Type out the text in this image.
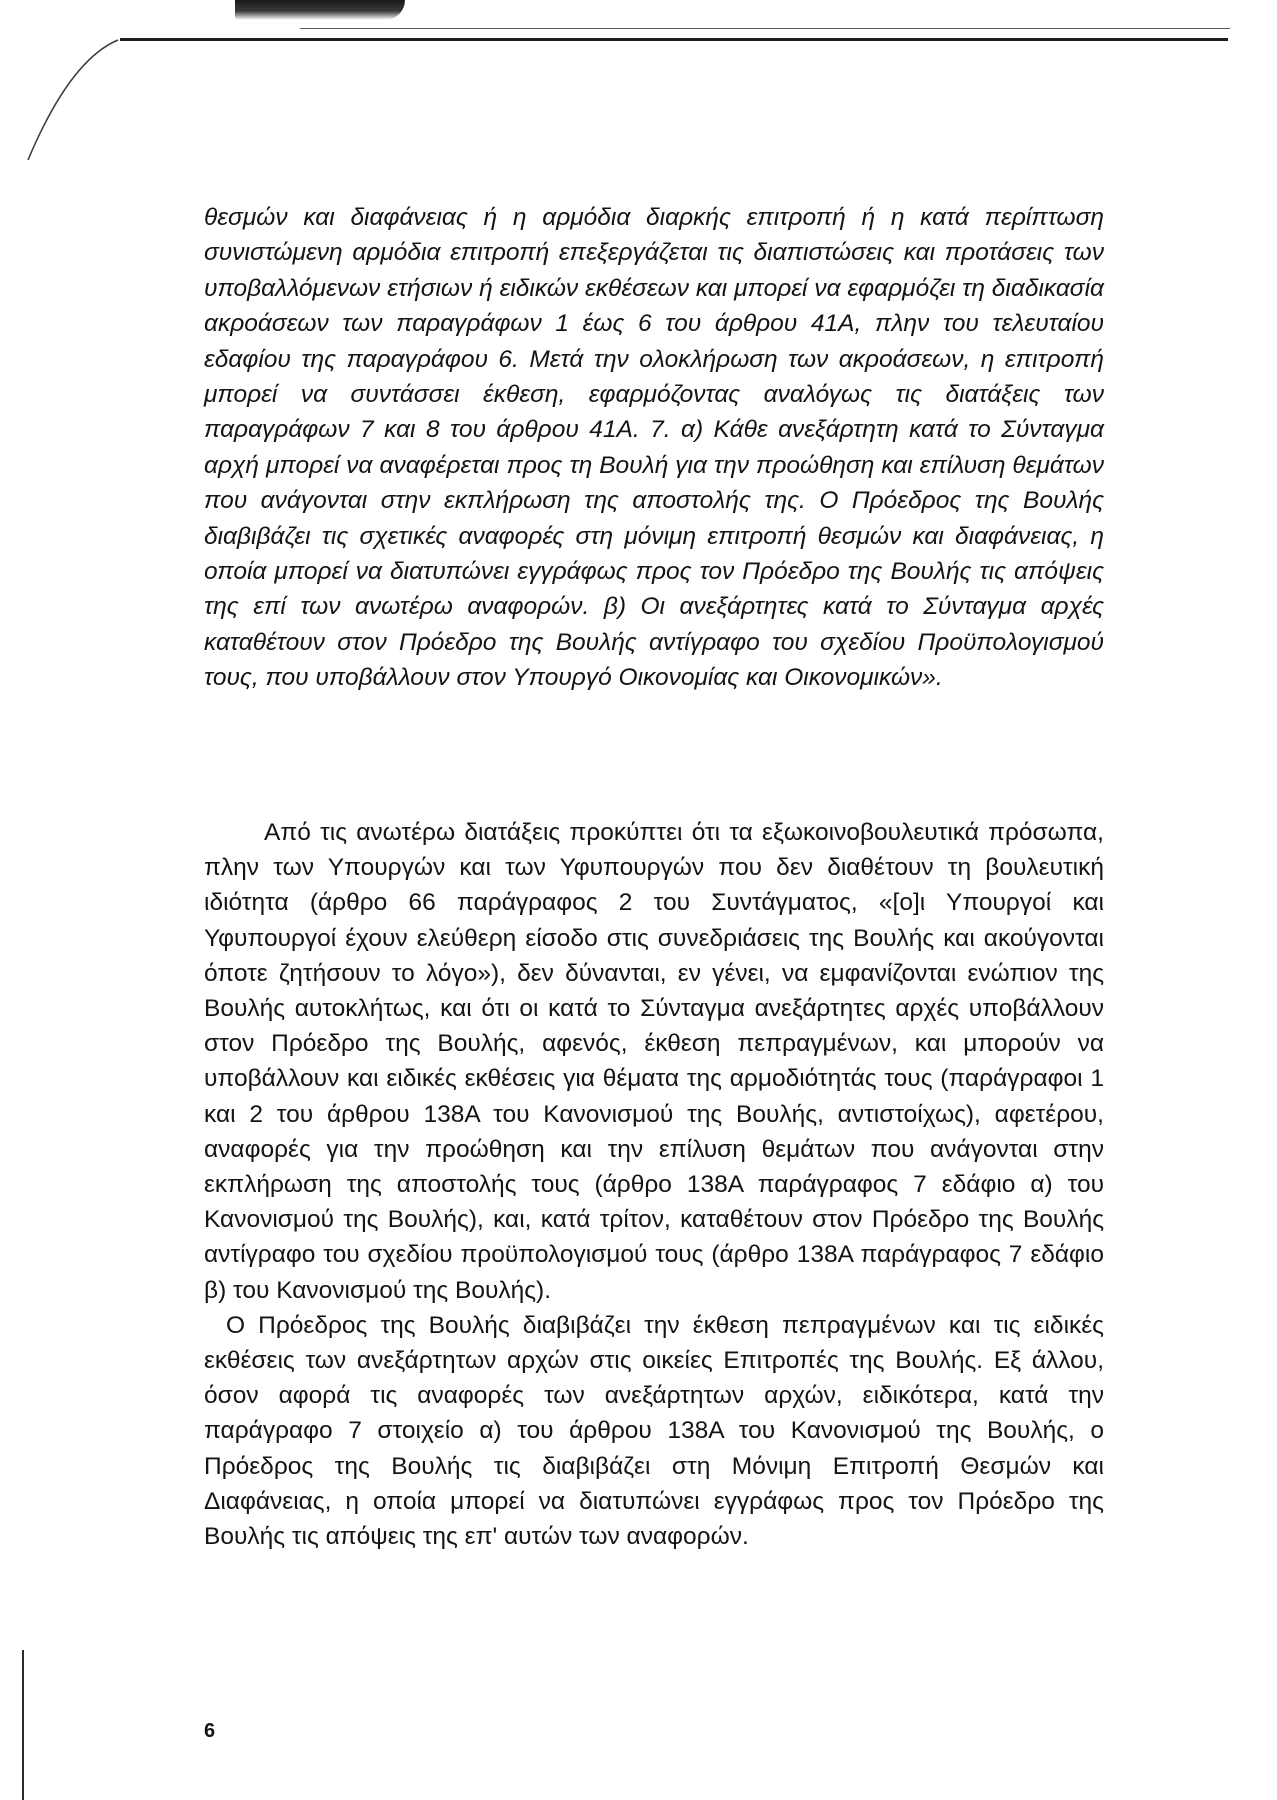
θεσμών και διαφάνειας ή η αρμόδια διαρκής επιτροπή ή η κατά περίπτωση συνιστώμενη αρμόδια επιτροπή επεξεργάζεται τις διαπιστώσεις και προτάσεις των υποβαλλόμενων ετήσιων ή ειδικών εκθέσεων και μπορεί να εφαρμόζει τη διαδικασία ακροάσεων των παραγράφων 1 έως 6 του άρθρου 41Α, πλην του τελευταίου εδαφίου της παραγράφου 6. Μετά την ολοκλήρωση των ακροάσεων, η επιτροπή μπορεί να συντάσσει έκθεση, εφαρμόζοντας αναλόγως τις διατάξεις των παραγράφων 7 και 8 του άρθρου 41Α. 7. α) Κάθε ανεξάρτητη κατά το Σύνταγμα αρχή μπορεί να αναφέρεται προς τη Βουλή για την προώθηση και επίλυση θεμάτων που ανάγονται στην εκπλήρωση της αποστολής της. Ο Πρόεδρος της Βουλής διαβιβάζει τις σχετικές αναφορές στη μόνιμη επιτροπή θεσμών και διαφάνειας, η οποία μπορεί να διατυπώνει εγγράφως προς τον Πρόεδρο της Βουλής τις απόψεις της επί των ανωτέρω αναφορών. β) Οι ανεξάρτητες κατά το Σύνταγμα αρχές καταθέτουν στον Πρόεδρο της Βουλής αντίγραφο του σχεδίου Προϋπολογισμού τους, που υποβάλλουν στον Υπουργό Οικονομίας και Οικονομικών».

Από τις ανωτέρω διατάξεις προκύπτει ότι τα εξωκοινοβουλευτικά πρόσωπα, πλην των Υπουργών και των Υφυπουργών που δεν διαθέτουν τη βουλευτική ιδιότητα (άρθρο 66 παράγραφος 2 του Συντάγματος, «[ο]ι Υπουργοί και Υφυπουργοί έχουν ελεύθερη είσοδο στις συνεδριάσεις της Βουλής και ακούγονται όποτε ζητήσουν το λόγο»), δεν δύνανται, εν γένει, να εμφανίζονται ενώπιον της Βουλής αυτοκλήτως, και ότι οι κατά το Σύνταγμα ανεξάρτητες αρχές υποβάλλουν στον Πρόεδρο της Βουλής, αφενός, έκθεση πεπραγμένων, και μπορούν να υποβάλλουν και ειδικές εκθέσεις για θέματα της αρμοδιότητάς τους (παράγραφοι 1 και 2 του άρθρου 138Α του Κανονισμού της Βουλής, αντιστοίχως), αφετέρου, αναφορές για την προώθηση και την επίλυση θεμάτων που ανάγονται στην εκπλήρωση της αποστολής τους (άρθρο 138Α παράγραφος 7 εδάφιο α) του Κανονισμού της Βουλής), και, κατά τρίτον, καταθέτουν στον Πρόεδρο της Βουλής αντίγραφο του σχεδίου προϋπολογισμού τους (άρθρο 138Α παράγραφος 7 εδάφιο β) του Κανονισμού της Βουλής).

Ο Πρόεδρος της Βουλής διαβιβάζει την έκθεση πεπραγμένων και τις ειδικές εκθέσεις των ανεξάρτητων αρχών στις οικείες Επιτροπές της Βουλής. Εξ άλλου, όσον αφορά τις αναφορές των ανεξάρτητων αρχών, ειδικότερα, κατά την παράγραφο 7 στοιχείο α) του άρθρου 138Α του Κανονισμού της Βουλής, ο Πρόεδρος της Βουλής τις διαβιβάζει στη Μόνιμη Επιτροπή Θεσμών και Διαφάνειας, η οποία μπορεί να διατυπώνει εγγράφως προς τον Πρόεδρο της Βουλής τις απόψεις της επ' αυτών των αναφορών.

6
